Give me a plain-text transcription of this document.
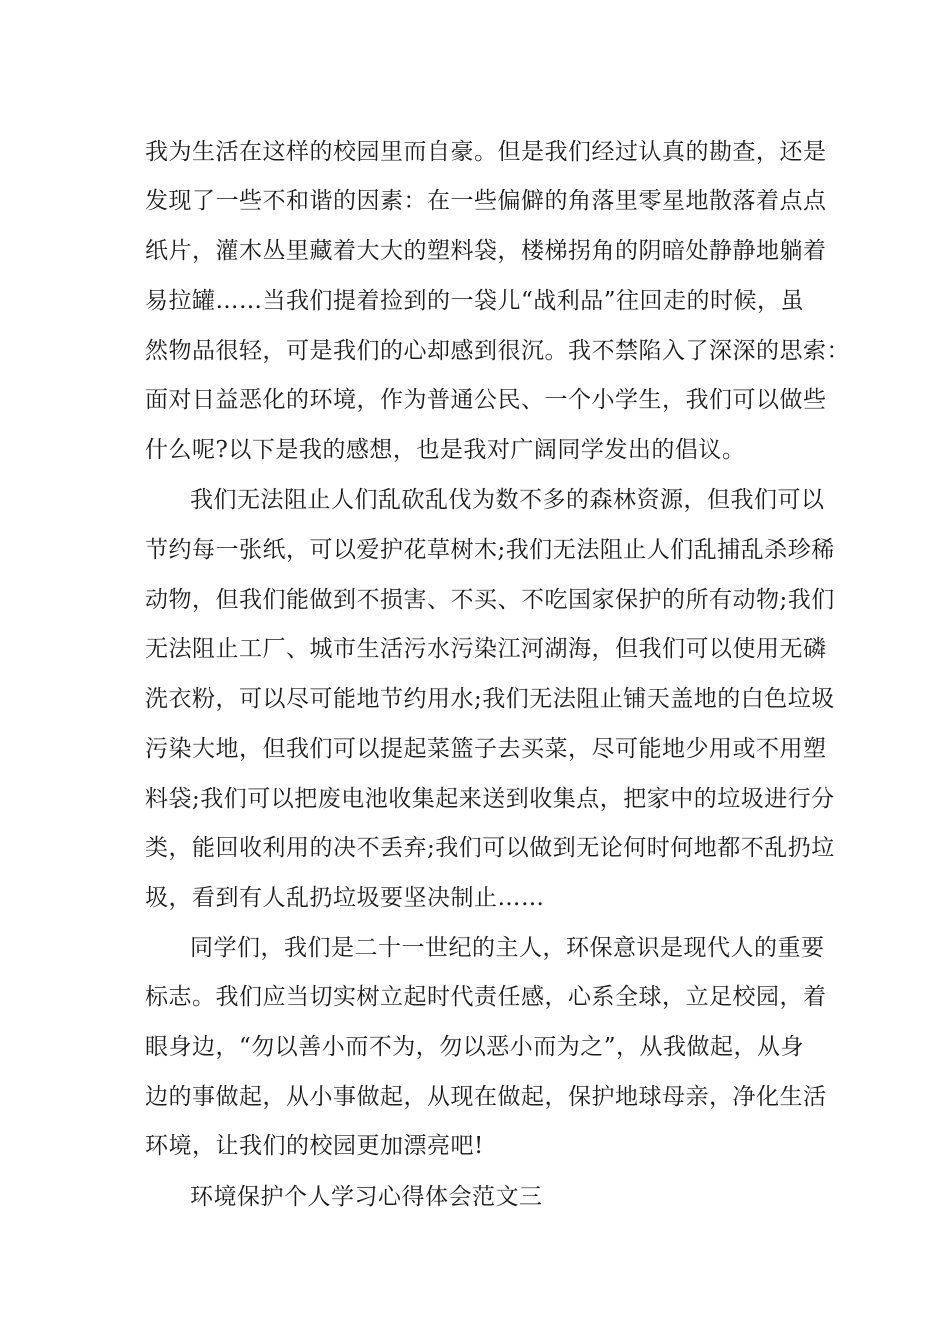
我为生活在这样的校园里而自豪。但是我们经过认真的勘查，还是
发现了一些不和谐的因素：在一些偏僻的角落里零星地散落着点点
纸片，灌木丛里藏着大大的塑料袋，楼梯拐角的阴暗处静静地躺着
易拉罐……当我们提着捡到的一袋儿“战利品”往回走的时候，虽
然物品很轻，可是我们的心却感到很沉。我不禁陷入了深深的思索：
面对日益恶化的环境，作为普通公民、一个小学生，我们可以做些
什么呢?以下是我的感想，也是我对广阔同学发出的倡议。
我们无法阻止人们乱砍乱伐为数不多的森林资源，但我们可以
节约每一张纸，可以爱护花草树木;我们无法阻止人们乱捕乱杀珍稀
动物，但我们能做到不损害、不买、不吃国家保护的所有动物;我们
无法阻止工厂、城市生活污水污染江河湖海，但我们可以使用无磷
洗衣粉，可以尽可能地节约用水;我们无法阻止铺天盖地的白色垃圾
污染大地，但我们可以提起菜篮子去买菜，尽可能地少用或不用塑
料袋;我们可以把废电池收集起来送到收集点，把家中的垃圾进行分
类，能回收利用的决不丢弃;我们可以做到无论何时何地都不乱扔垃
圾，看到有人乱扔垃圾要坚决制止……
同学们，我们是二十一世纪的主人，环保意识是现代人的重要
标志。我们应当切实树立起时代责任感，心系全球，立足校园，着
眼身边，“勿以善小而不为，勿以恶小而为之”，从我做起，从身
边的事做起，从小事做起，从现在做起，保护地球母亲，净化生活
环境，让我们的校园更加漂亮吧!
环境保护个人学习心得体会范文三
